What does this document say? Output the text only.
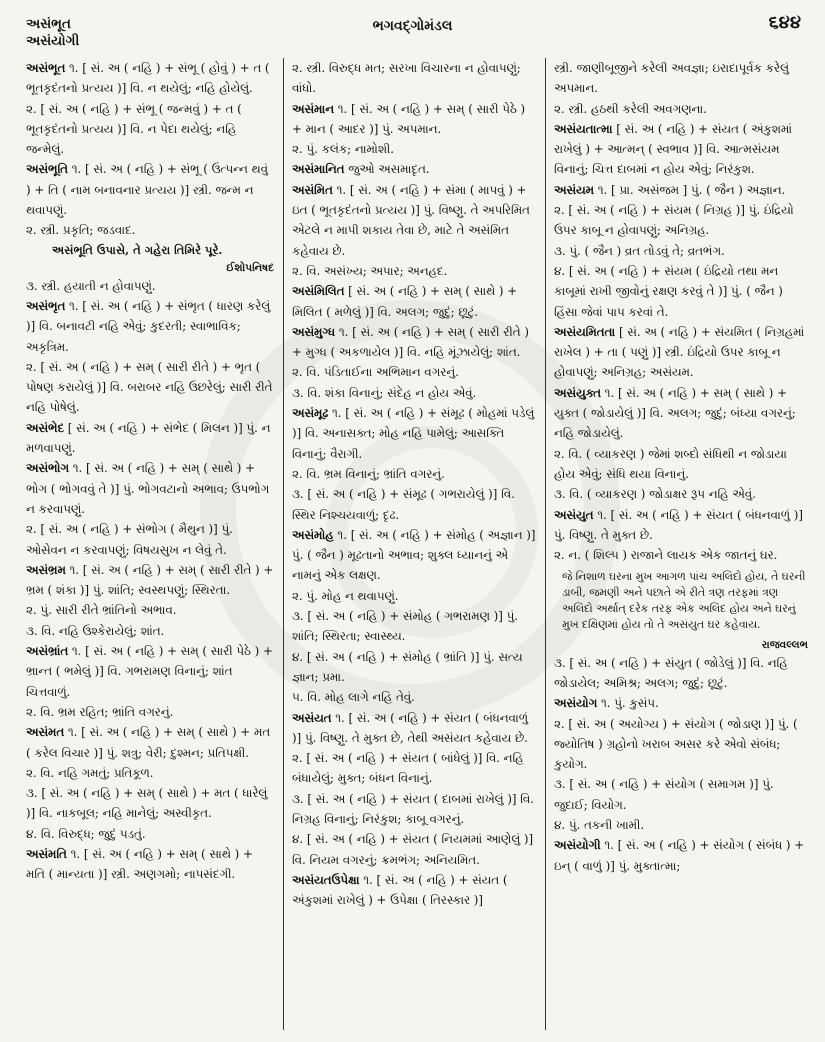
અસંભૂત
અસંયોગી
ભગવદ્ગોમંડલ	૬૪૪

અસંભૂત ૧. [ સં. અ ( નહિ ) + સંભૂ ( હોવું ) + ત ( ભૂતકૃદંતનો પ્રત્યય )] વિ. ન થયેલું; નહિ હોયેલું.

૨. [ સં. અ ( નહિ ) + સંભૂ ( જન્મવું ) + ત ( ભૂતકૃદંતનો પ્રત્યય )] વિ. ન પેદા થયેલું; નહિ જન્મેલું.

અસંભૂતિ ૧. [ સં. અ ( નહિ ) + સંભૂ ( ઉત્પન્ન થવું ) + તિ ( નામ બનાવનાર પ્રત્યય )] સ્ત્રી. જન્મ ન થવાપણું.

૨. સ્ત્રી. પ્રકૃતિ; જડવાદ.
અસંભૂતિ ઉપાસે, તે ગહેરા તિમિરે પૂરે.
ઈશોપનિષદ
૩. સ્ત્રી. હયાતી ન હોવાપણું.

અસંભૃત ૧. [ સં. અ ( નહિ ) + સંભૃત ( ધારણ કરેલું )] વિ. બનાવટી નહિ એવું; કુદરતી; સ્વાભાવિક; અકૃત્રિમ.

૨. [ સં. અ ( નહિ ) + સમ્ ( સારી રીતે ) + ભૃત ( પોષણ કરાયેલું )] વિ. બરાબર નહિ ઉછરેલું; સારી રીતે નહિ પોષેલું.

અસંભેદ [ સં. અ ( નહિ ) + સંભેદ ( મિલન )] પું. ન મળવાપણું.

અસંભોગ ૧. [ સં. અ ( નહિ ) + સમ્ ( સાથે ) + ભોગ ( ભોગવવું તે )] પું. ભોગવટાનો અભાવ; ઉપભોગ ન કરવાપણું.

૨. [ સં. અ ( નહિ ) + સંભોગ ( મૈથુન )] પું. ઓસેવન ન કરવાપણું; વિષયસુખ ન લેવું તે.

અસંભ્રમ ૧. [ સં. અ ( નહિ ) + સમ્ ( સારી રીતે ) + ભ્રમ ( શંકા )] પું. શાંતિ; સ્વસ્થપણું; સ્થિરતા.

૨. પું. સારી રીતે ભ્રાંતિનો અભાવ.
૩. વિ. નહિ ઉશ્કેરાયેલું; શાંત.

અસંભ્રાંત ૧. [ સં. અ ( નહિ ) + સમ્ ( સારી પેઠે ) + ભ્રાન્ત ( ભમેલું )] વિ. ગભરામણ વિનાનું; શાંત ચિત્તવાળું.

૨. વિ. ભ્રમ રહિત; ભ્રાંતિ વગરનું.

અસંમત ૧. [ સં. અ ( નહિ ) + સમ્ ( સાથે ) + મત ( કરેલ વિચાર )] પું. શત્રુ; વેરી; દુશ્મન; પ્રતિપક્ષી.

૨. વિ. નહિ ગમતું; પ્રતિકૂળ.
૩. [ સં. અ ( નહિ ) + સમ્ ( સાથે ) + મત ( ધારેલું )] વિ. નાકબૂલ; નહિ માનેલું; અસ્વીકૃત.
૪. વિ. વિરુદ્ધ; જુદું પડતું.

અસંમતિ ૧. [ સં. અ ( નહિ ) + સમ્ ( સાથે ) + મતિ ( માન્યતા )] સ્ત્રી. અણગમો; નાપસંદગી.

૨. સ્ત્રી. વિરુદ્ધ મત; સરખા વિચારના ન હોવાપણું; વાંધો.

અસંમાન ૧. [ સં. અ ( નહિ ) + સમ્ ( સારી પેઠે ) + માન ( આદર )] પું. અપમાન.

૨. પું. કલંક; નામોશી.

અસંમાનિત જુઓ અસમાદૃત.

અસંમિત ૧. [ સં. અ ( નહિ ) + સંમા ( માપવું ) + ઇત ( ભૂતકૃદંતનો પ્રત્યય )] પું. વિષ્ણુ. તે અપરિમિત એટલે ન માપી શકાય તેવા છે, માટે તે અસંમિત કહેવાય છે.

૨. વિ. અસંખ્ય; અપાર; અનહદ.

અસંમિલિત [ સં. અ ( નહિ ) + સમ્ ( સાથે ) + મિલિત ( મળેલું )] વિ. અલગ; જુદું; છૂટું.

અસંમુગ્ધ ૧. [ સં. અ ( નહિ ) + સમ્ ( સારી રીતે ) + મુગ્ધ ( અકળાયેલ )] વિ. નહિ મૂંઝાયેલું; શાંત.

૨. વિ. પંડિતાઈના અભિમાન વગરનું.
૩. વિ. શંકા વિનાનું; સંદેહ ન હોય એવું.

અસંમૂઢ ૧. [ સં. અ ( નહિ ) + સંમૂઢ ( મોહમાં પડેલું )] વિ. અનાસક્ત; મોહ નહિ પામેલું; આસક્તિ વિનાનું; વૈરાગી.

૨. વિ. ભ્રમ વિનાનું; ભ્રાંતિ વગરનું.
૩. [ સં. અ ( નહિ ) + સંમૂઢ ( ગભરાયેલું )] વિ. સ્થિર નિશ્ચયવાળું; દૃઢ.

અસંમોહ ૧. [ સં. અ ( નહિ ) + સંમોહ ( અજ્ઞાન )] પું. ( જૈન ) મૂઢતાનો અભાવ; શુક્લ ધ્યાનનું એ નામનું એક લક્ષણ.

૨. પું. મોહ ન થવાપણું.
૩. [ સં. અ ( નહિ ) + સંમોહ ( ગભરામણ )] પું. શાંતિ; સ્થિરતા; સ્વાસ્થ્ય.
૪. [ સં. અ ( નહિ ) + સંમોહ ( ભ્રાંતિ )] પું. સત્ય જ્ઞાન; પ્રમા.
૫. વિ. મોહ લાગે નહિ તેવું.

અસંયત ૧. [ સં. અ ( નહિ ) + સંયત ( બંધનવાળું )] પું. વિષ્ણુ. તે મુક્ત છે, તેથી અસંયત કહેવાય છે.

૨. [ સં. અ ( નહિ ) + સંયત ( બાંધેલું )] વિ. નહિ બંધાયેલું; મુક્ત; બંધન વિનાનું.
૩. [ સં. અ ( નહિ ) + સંયત ( દાબમાં રાખેલું )] વિ. નિગ્રહ વિનાનું; નિરંકુશ; કાબૂ વગરનું.
૪. [ સં. અ ( નહિ ) + સંયત ( નિયમમાં આણેલું )] વિ. નિયમ વગરનું; ક્રમભંગ; અનિયમિત.

અસંયતઉપેક્ષા ૧. [ સં. અ ( નહિ ) + સંયત ( અંકુશમાં રાખેલું ) + ઉપેક્ષા ( તિરસ્કાર )]

સ્ત્રી. જાણીબૂજીને કરેલી અવજ્ઞા; ઇરાદાપૂર્વક કરેલું અપમાન.
૨. સ્ત્રી. હઠથી કરેલી અવગણના.

અસંયતાત્મા [ સં. અ ( નહિ ) + સંયત ( અંકુશમાં રાખેલું ) + આત્મન્ ( સ્વભાવ )] વિ. આત્મસંયમ વિનાનું; ચિત્ત દાબમાં ન હોય એવું; નિરંકુશ.

અસંયમ ૧. [ પ્રા. અસંજમ ] પું. ( જૈન ) અજ્ઞાન.

૨. [ સં. અ ( નહિ ) + સંયમ ( નિગ્રહ )] પું. ઇંદ્રિયો ઉપર કાબૂ ન હોવાપણું; અનિગ્રહ.
૩. પું. ( જૈન ) વ્રત તોડવું તે; વ્રતભંગ.
૪. [ સં. અ ( નહિ ) + સંયમ ( ઇંદ્રિયો તથા મન કાબૂમાં રાખી જીવોનું રક્ષણ કરવું તે )] પું. ( જૈન ) હિંસા જેવાં પાપ કરવાં તે.

અસંયમિતતા [ સં. અ ( નહિ ) + સંયમિત ( નિગ્રહમાં રાખેલ ) + તા ( પણું )] સ્ત્રી. ઇંદ્રિયો ઉપર કાબૂ ન હોવાપણું; અનિગ્રહ; અસંયમ.

અસંયુક્ત ૧. [ સં. અ ( નહિ ) + સમ્ ( સાથે ) + યુક્ત ( જોડાયેલું )] વિ. અલગ; જુદું; બંધ્યા વગરનું; નહિ જોડાયેલું.

૨. વિ. ( વ્યાકરણ ) જેમાં શબ્દો સંધિથી ન જોડાયા હોય એવું; સંધિ થયા વિનાનું.
૩. વિ. ( વ્યાકરણ ) જોડાક્ષર રૂપ નહિ એવું.

અસંયુત ૧. [ સં. અ ( નહિ ) + સંયત ( બંધનવાળું )] પું. વિષ્ણુ. તે મુક્ત છે.

૨. ન. ( શિલ્પ ) રાજાને લાયક એક જાતનું ઘર.
જે નિશાળ ઘરના મુખ આગળ પાંચ અલિંદો હોય, તે ઘરની ડાબી, જમણી અને પછાતે એ રીતે ત્રણ તરફમાં ત્રણ અલિંદો અર્થાત્ દરેક તરફ એક અલિંદ હોય અને ઘરનું મુખ દક્ષિણમાં હોય તો તે અસંયુત ઘર કહેવાય.
રાજવલ્લભ
૩. [ સં. અ ( નહિ ) + સંયુત ( જોડેલું )] વિ. નહિ જોડાયેલ; અમિશ્ર; અલગ; જુદું; છૂટું.

અસંયોગ ૧. પું. કુસંપ.

૨. [ સં. અ ( અયોગ્ય ) + સંયોગ ( જોડાણ )] પું. ( જ્યોતિષ ) ગ્રહોનો ખરાબ અસર કરે એવો સંબંધ; કુયોગ.
૩. [ સં. અ ( નહિ ) + સંયોગ ( સમાગમ )] પું. જુદાઈ; વિયોગ.
૪. પું. તકની ખામી.

અસંયોગી ૧. [ સં. અ ( નહિ ) + સંયોગ ( સંબંધ ) + ઇન્ ( વાળું )] પું. મુક્તાત્મા;
